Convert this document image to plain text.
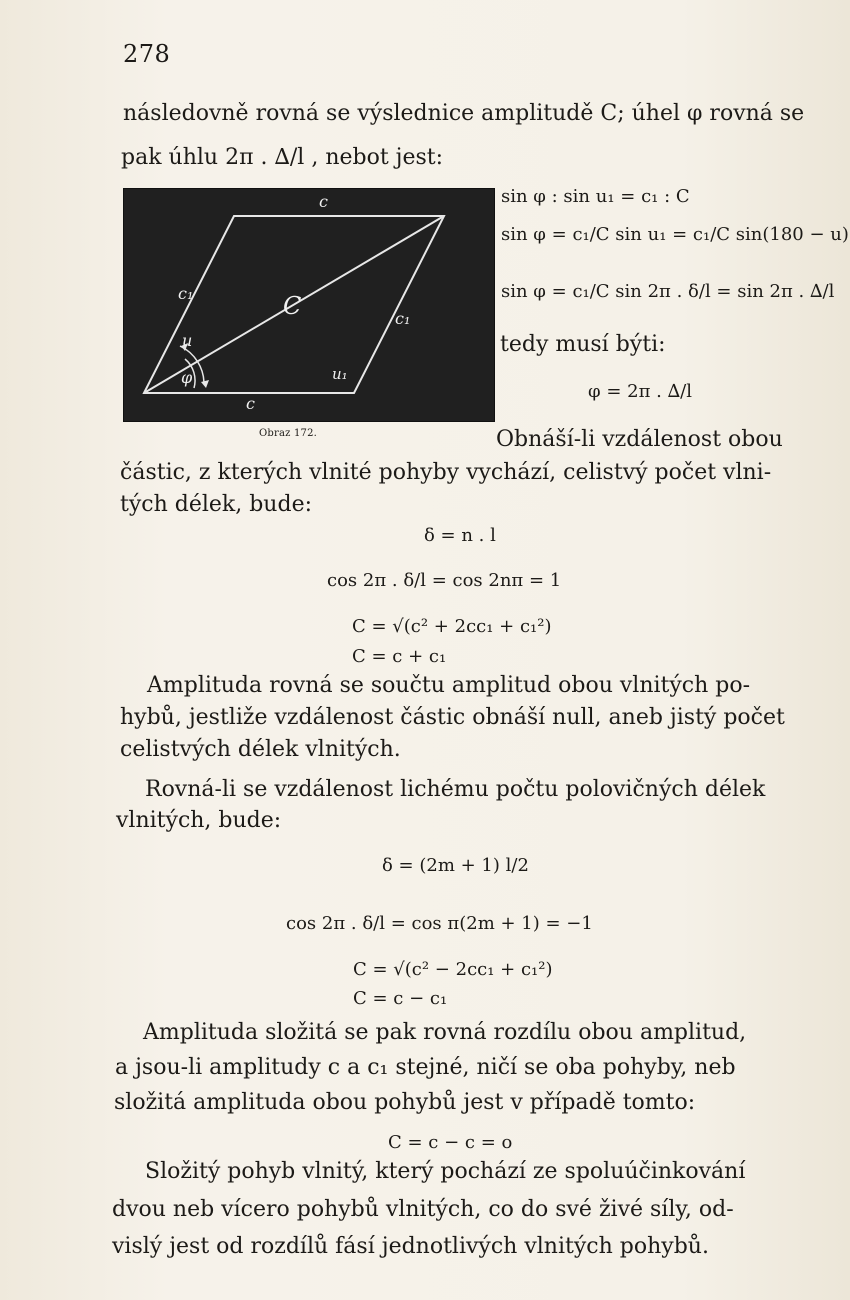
278
následovně rovná se výslednice amplitudě C; úhel φ rovná se
pak úhlu 2π . ∆/l , nebot jest:
c
c₁	C	c₁
c
u
φ	u₁
Obraz 172.
sin φ : sin u₁ = c₁ : C
sin φ = c₁/C sin u₁ = c₁/C sin(180 − u)
sin φ = c₁/C sin 2π . δ/l = sin 2π . ∆/l
tedy musí býti:
φ = 2π . ∆/l
Obnáší-li vzdálenost obou
částic, z kterých vlnité pohyby vychází, celistvý počet vlni-
tých délek, bude:
δ = n . l
cos 2π . δ/l = cos 2nπ = 1
C = √(c² + 2cc₁ + c₁²)
C = c + c₁
Amplituda rovná se součtu amplitud obou vlnitých po-
hybů, jestliže vzdálenost částic obnáší null, aneb jistý počet
celistvých délek vlnitých.
Rovná-li se vzdálenost lichému počtu polovičných délek
vlnitých, bude:
δ = (2m + 1) l/2
cos 2π . δ/l = cos π(2m + 1) = −1
C = √(c² − 2cc₁ + c₁²)
C = c − c₁
Amplituda složitá se pak rovná rozdílu obou amplitud,
a jsou-li amplitudy c a c₁ stejné, ničí se oba pohyby, neb
složitá amplituda obou pohybů jest v případě tomto:
C = c − c = o
Složitý pohyb vlnitý, který pochází ze spoluúčinkování
dvou neb vícero pohybů vlnitých, co do své živé síly, od-
vislý jest od rozdílů fásí jednotlivých vlnitých pohybů.
